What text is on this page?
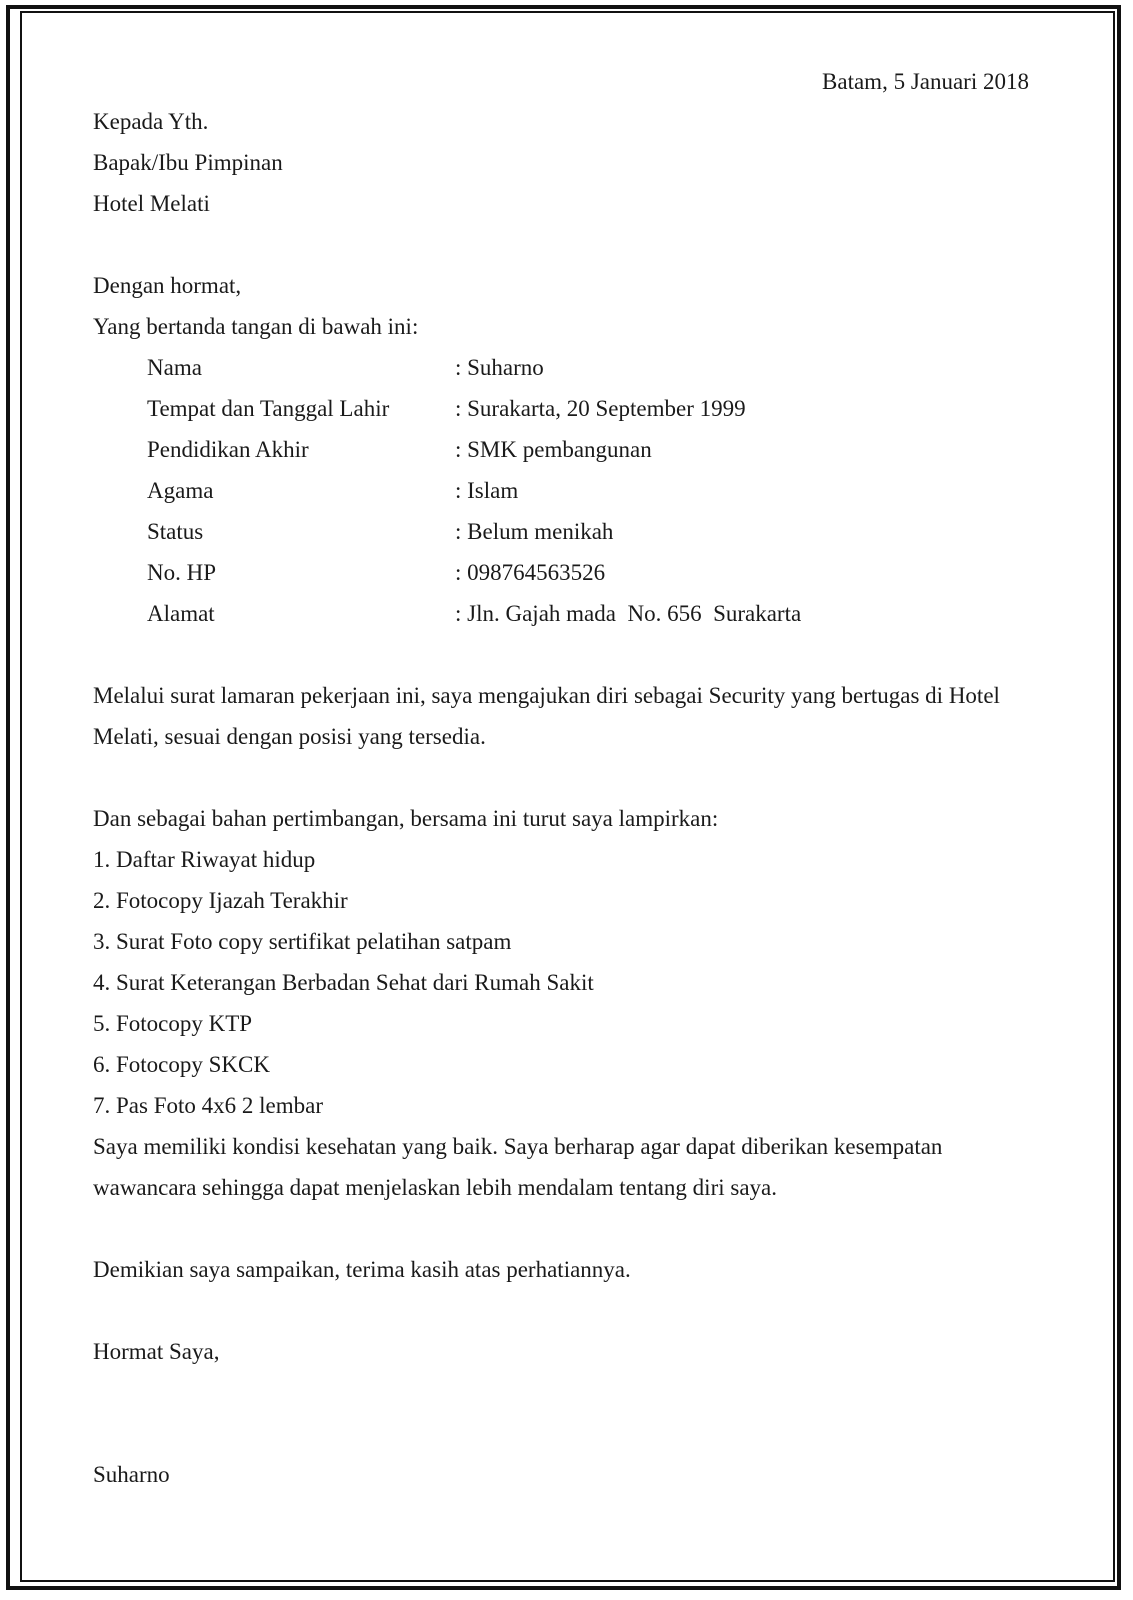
Batam, 5 Januari 2018
Kepada Yth.
Bapak/Ibu Pimpinan
Hotel Melati
Dengan hormat,
Yang bertanda tangan di bawah ini:
Nama	: Suharno
Tempat dan Tanggal Lahir	: Surakarta, 20 September 1999
Pendidikan Akhir	: SMK pembangunan
Agama	: Islam
Status	: Belum menikah
No. HP	: 098764563526
Alamat	: Jln. Gajah mada  No. 656  Surakarta
Melalui surat lamaran pekerjaan ini, saya mengajukan diri sebagai Security yang bertugas di Hotel
Melati, sesuai dengan posisi yang tersedia.
Dan sebagai bahan pertimbangan, bersama ini turut saya lampirkan:
1. Daftar Riwayat hidup
2. Fotocopy Ijazah Terakhir
3. Surat Foto copy sertifikat pelatihan satpam
4. Surat Keterangan Berbadan Sehat dari Rumah Sakit
5. Fotocopy KTP
6. Fotocopy SKCK
7. Pas Foto 4x6 2 lembar
Saya memiliki kondisi kesehatan yang baik. Saya berharap agar dapat diberikan kesempatan
wawancara sehingga dapat menjelaskan lebih mendalam tentang diri saya.
Demikian saya sampaikan, terima kasih atas perhatiannya.
Hormat Saya,
Suharno
